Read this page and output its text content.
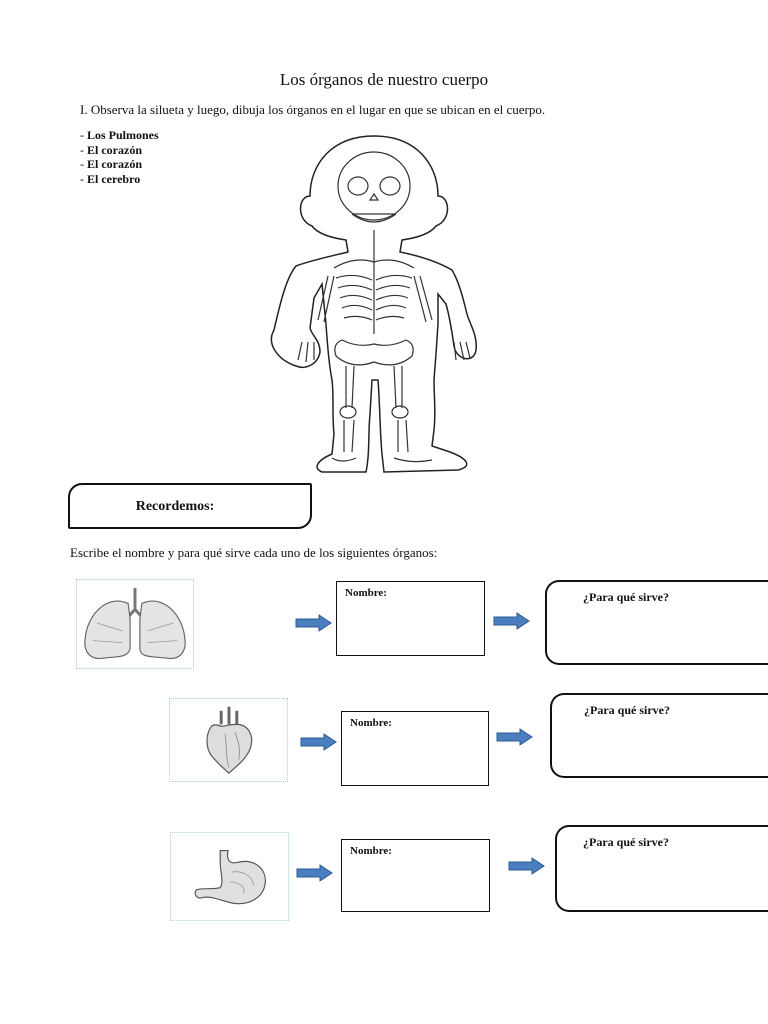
Los órganos de nuestro cuerpo
I. Observa la silueta y luego, dibuja los órganos en el lugar en que se ubican en el cuerpo.
- Los Pulmones
- El corazón
- El corazón
- El cerebro
Recordemos:
Escribe el nombre y para qué sirve cada uno de los siguientes órganos:
Nombre:	¿Para qué sirve?
Nombre:
¿Para qué sirve?
Nombre:
¿Para qué sirve?
